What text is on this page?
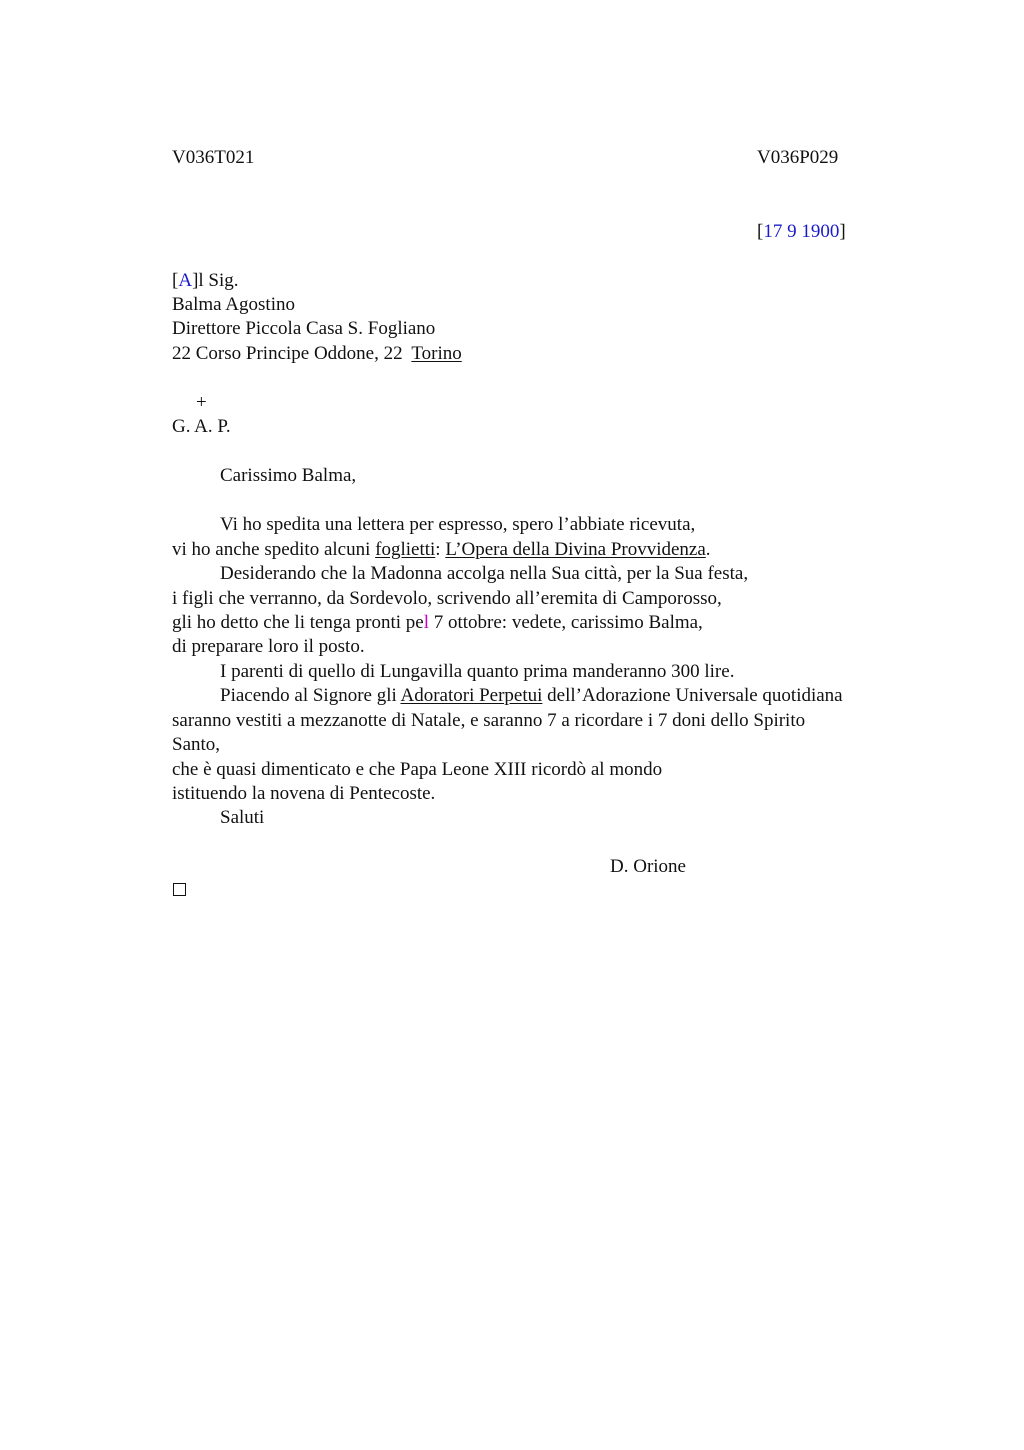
V036T021	V036P029
[17 9 1900]
[A]l Sig.
Balma Agostino
Direttore Piccola Casa S. Fogliano
22 Corso Principe Oddone, 22 Torino
+
G. A. P.
Carissimo Balma,
Vi ho spedita una lettera per espresso, spero l’abbiate ricevuta,
vi ho anche spedito alcuni foglietti: L’Opera della Divina Provvidenza.
Desiderando che la Madonna accolga nella Sua città, per la Sua festa,
i figli che verranno, da Sordevolo, scrivendo all’eremita di Camporosso,
gli ho detto che li tenga pronti pel 7 ottobre: vedete, carissimo Balma,
di preparare loro il posto.
I parenti di quello di Lungavilla quanto prima manderanno 300 lire.
Piacendo al Signore gli Adoratori Perpetui dell’Adorazione Universale quotidiana
saranno vestiti a mezzanotte di Natale, e saranno 7 a ricordare i 7 doni dello Spirito
Santo,
che è quasi dimenticato e che Papa Leone XIII ricordò al mondo
istituendo la novena di Pentecoste.
Saluti
D. Orione
